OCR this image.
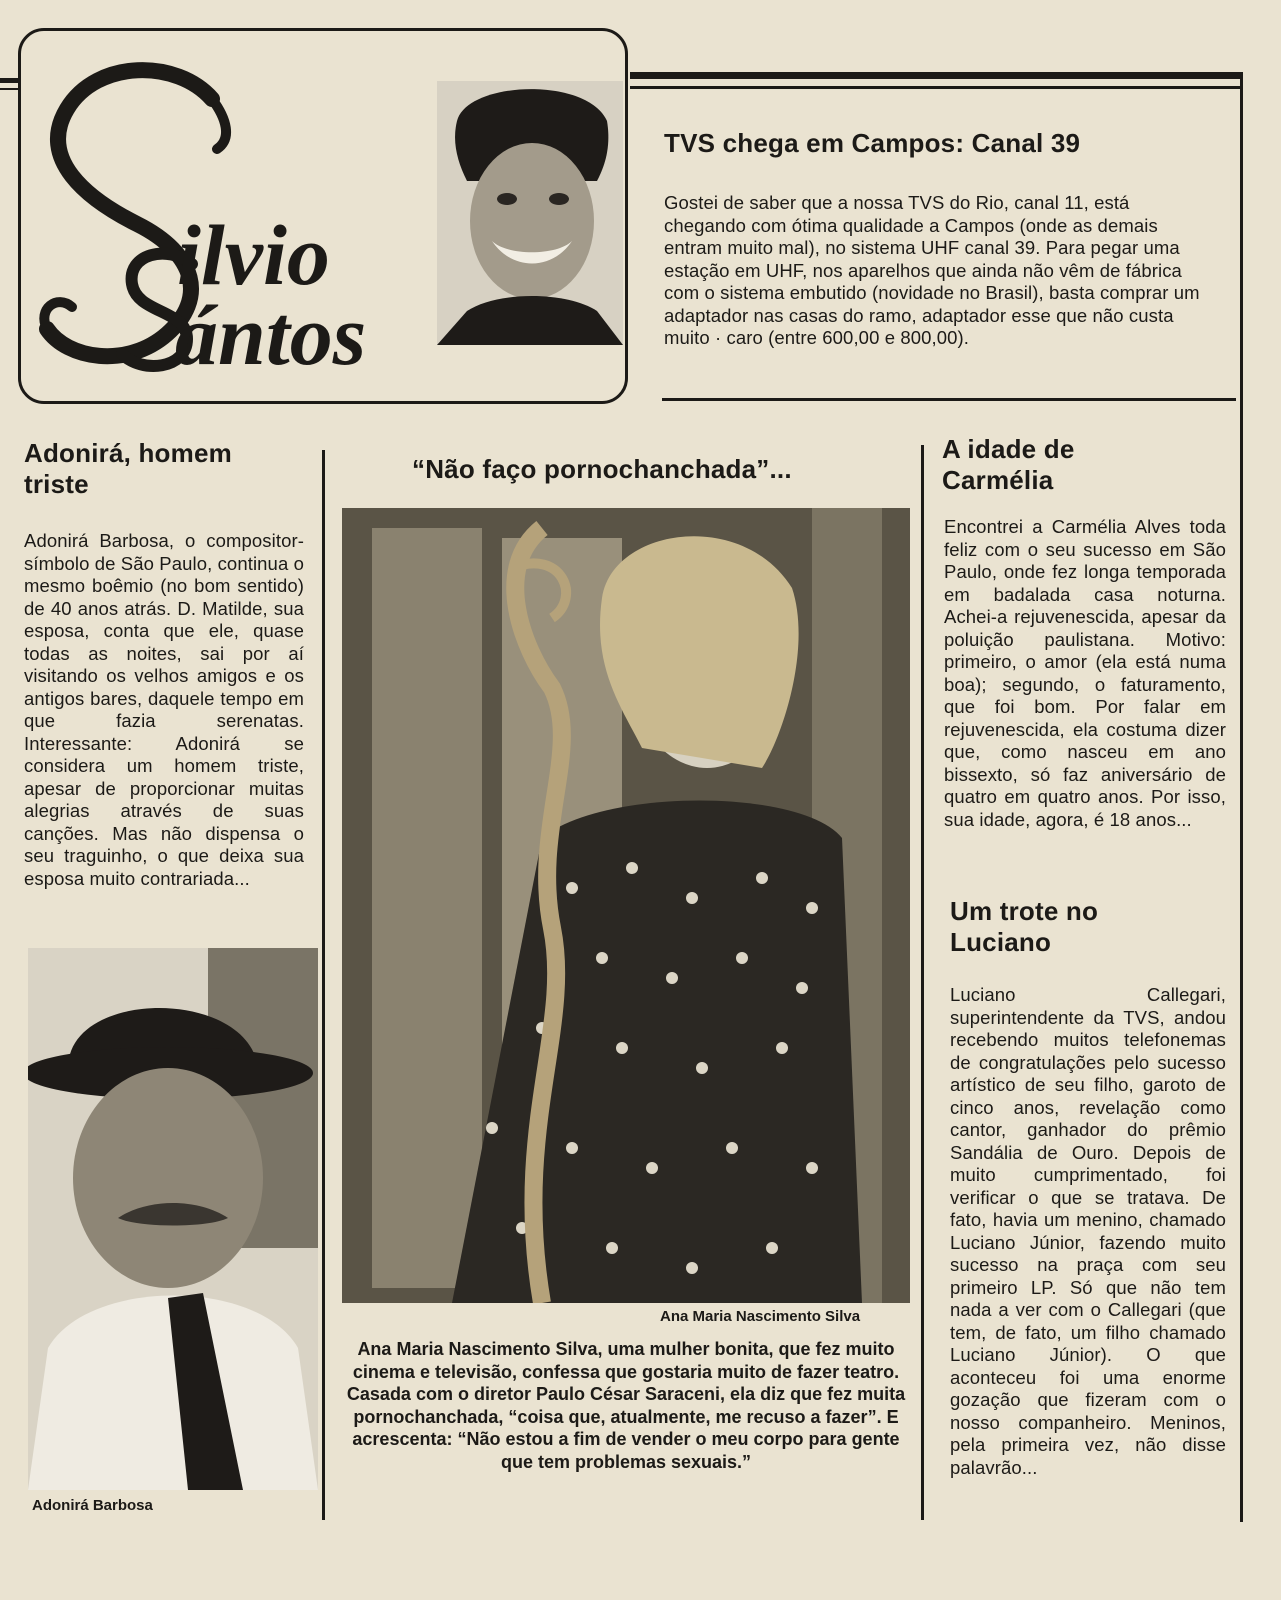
ilvio
ántos
TVS chega em Campos: Canal 39
Gostei de saber que a nossa TVS do Rio, canal 11, está chegando com ótima qualidade a Campos (onde as demais entram muito mal), no sistema UHF canal 39. Para pegar uma estação em UHF, nos aparelhos que ainda não vêm de fábrica com o sistema embutido (novidade no Brasil), basta comprar um adaptador nas casas do ramo, adaptador esse que não custa muito · caro (entre 600,00 e 800,00).
Adonirá, homem triste
Adonirá Barbosa, o compositor-símbolo de São Paulo, continua o mesmo boêmio (no bom sentido) de 40 anos atrás. D. Matilde, sua esposa, conta que ele, quase todas as noites, sai por aí visitando os velhos amigos e os antigos bares, daquele tempo em que fazia serenatas. Interessante: Adonirá se considera um homem triste, apesar de proporcionar muitas alegrias através de suas canções. Mas não dispensa o seu traguinho, o que deixa sua esposa muito contrariada...
Adonirá Barbosa
“Não faço pornochanchada”...
Ana Maria Nascimento Silva
Ana Maria Nascimento Silva, uma mulher bonita, que fez muito cinema e televisão, confessa que gostaria muito de fazer teatro. Casada com o diretor Paulo César Saraceni, ela diz que fez muita pornochanchada, “coisa que, atualmente, me recuso a fazer”. E acrescenta: “Não estou a fim de vender o meu corpo para gente que tem problemas sexuais.”
A idade de Carmélia
Encontrei a Carmélia Alves toda feliz com o seu sucesso em São Paulo, onde fez longa temporada em badalada casa noturna. Achei-a rejuvenescida, apesar da poluição paulistana. Motivo: primeiro, o amor (ela está numa boa); segundo, o faturamento, que foi bom. Por falar em rejuvenescida, ela costuma dizer que, como nasceu em ano bissexto, só faz aniversário de quatro em quatro anos. Por isso, sua idade, agora, é 18 anos...
Um trote no Luciano
Luciano Callegari, superintendente da TVS, andou recebendo muitos telefonemas de congratulações pelo sucesso artístico de seu filho, garoto de cinco anos, revelação como cantor, ganhador do prêmio Sandália de Ouro. Depois de muito cumprimentado, foi verificar o que se tratava. De fato, havia um menino, chamado Luciano Júnior, fazendo muito sucesso na praça com seu primeiro LP. Só que não tem nada a ver com o Callegari (que tem, de fato, um filho chamado Luciano Júnior). O que aconteceu foi uma enorme gozação que fizeram com o nosso companheiro. Meninos, pela primeira vez, não disse palavrão...
